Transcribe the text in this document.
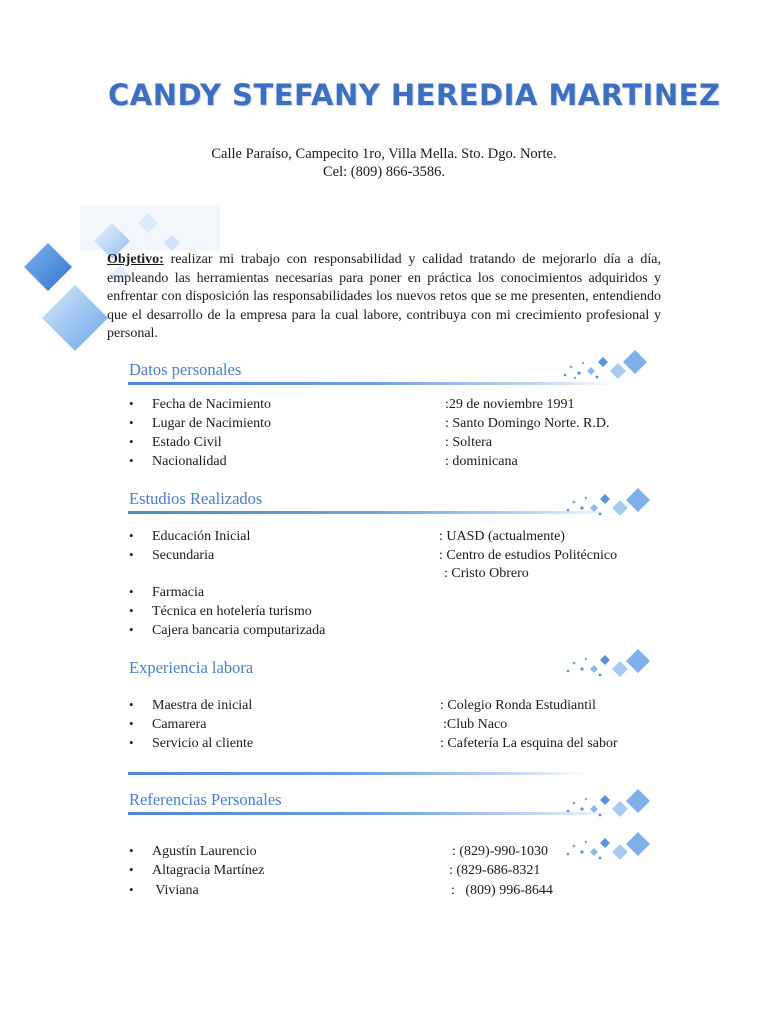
CANDY STEFANY HEREDIA MARTINEZ
Calle Paraíso, Campecito 1ro, Villa Mella. Sto. Dgo. Norte.
Cel: (809) 866-3586.
Objetivo: realizar mi trabajo con responsabilidad y calidad tratando de mejorarlo día a día, empleando las herramientas necesarias para poner en práctica los conocimientos adquiridos y enfrentar con disposición las responsabilidades los nuevos retos que se me presenten, entendiendo que el desarrollo de la empresa para la cual labore, contribuya con mi crecimiento profesional y personal.
Datos personales
• Fecha de Nacimiento	:29 de noviembre 1991
• Lugar de Nacimiento	: Santo Domingo Norte. R.D.
• Estado Civil	: Soltera
• Nacionalidad	: dominicana
Estudios Realizados
• Educación Inicial	: UASD (actualmente)
• Secundaria	: Centro de estudios Politécnico
: Cristo Obrero
• Farmacia
• Técnica en hotelería turismo
• Cajera bancaria computarizada
Experiencia labora
• Maestra de inicial	: Colegio Ronda Estudiantil
• Camarera	:Club Naco
• Servicio al cliente	: Cafetería La esquina del sabor
Referencias Personales
• Agustín Laurencio	: (829)-990-1030
• Altagracia Martínez	: (829-686-8321
• Viviana	:   (809) 996-8644
